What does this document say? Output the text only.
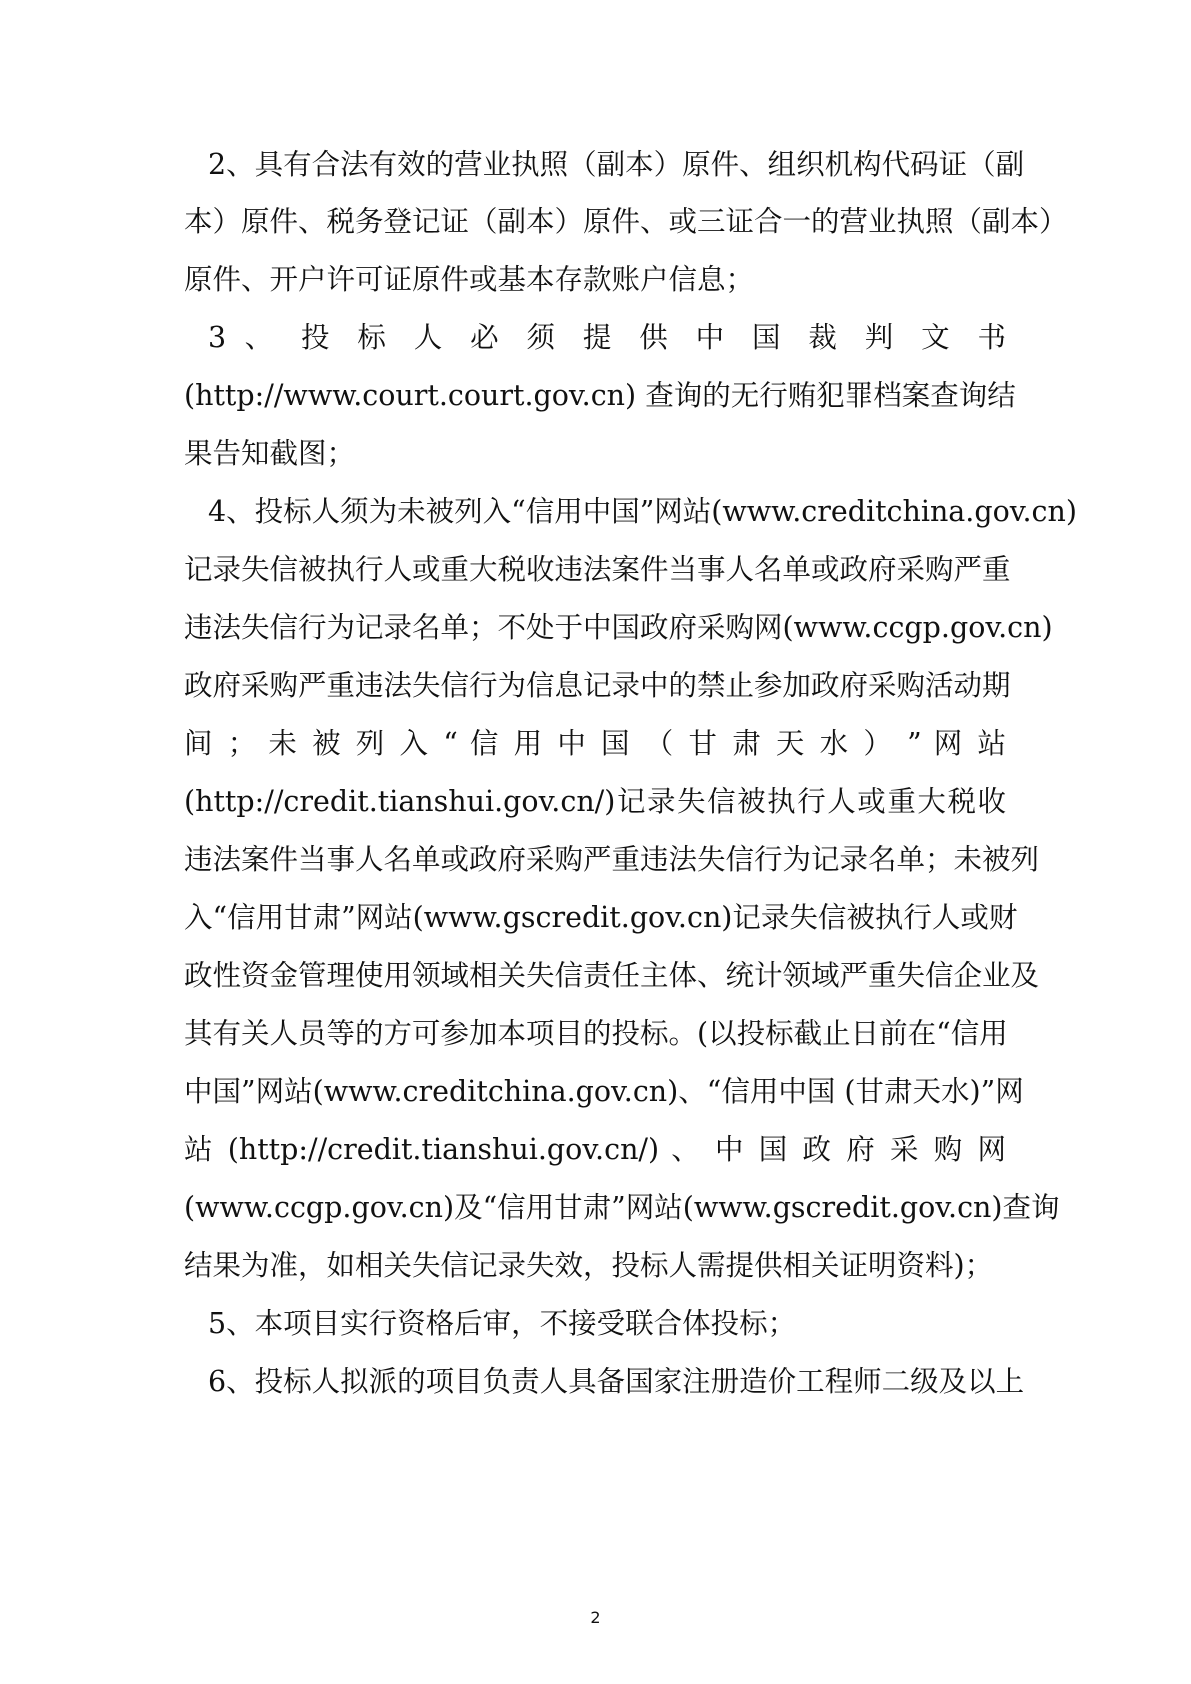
2、具有合法有效的营业执照（副本）原件、组织机构代码证（副
本）原件、税务登记证（副本）原件、或三证合一的营业执照（副本）
原件、开户许可证原件或基本存款账户信息；
3 、 投 标 人 必 须 提 供 中 国 裁 判 文 书
(http://www.court.court.gov.cn) 查询的无行贿犯罪档案查询结
果告知截图；
4、投标人须为未被列入“信用中国”网站(www.creditchina.gov.cn)
记录失信被执行人或重大税收违法案件当事人名单或政府采购严重
违法失信行为记录名单；不处于中国政府采购网(www.ccgp.gov.cn)
政府采购严重违法失信行为信息记录中的禁止参加政府采购活动期
间 ； 未 被 列 入 “ 信 用 中 国 （ 甘 肃 天 水 ） ” 网 站
(http://credit.tianshui.gov.cn/)记录失信被执行人或重大税收
违法案件当事人名单或政府采购严重违法失信行为记录名单；未被列
入“信用甘肃”网站(www.gscredit.gov.cn)记录失信被执行人或财
政性资金管理使用领域相关失信责任主体、统计领域严重失信企业及
其有关人员等的方可参加本项目的投标。(以投标截止日前在“信用
中国”网站(www.creditchina.gov.cn)、“信用中国 (甘肃天水)”网
站 (http://credit.tianshui.gov.cn/) 、 中 国 政 府 采 购 网
(www.ccgp.gov.cn)及“信用甘肃”网站(www.gscredit.gov.cn)查询
结果为准，如相关失信记录失效，投标人需提供相关证明资料)；
5、本项目实行资格后审，不接受联合体投标；
6、投标人拟派的项目负责人具备国家注册造价工程师二级及以上
2
